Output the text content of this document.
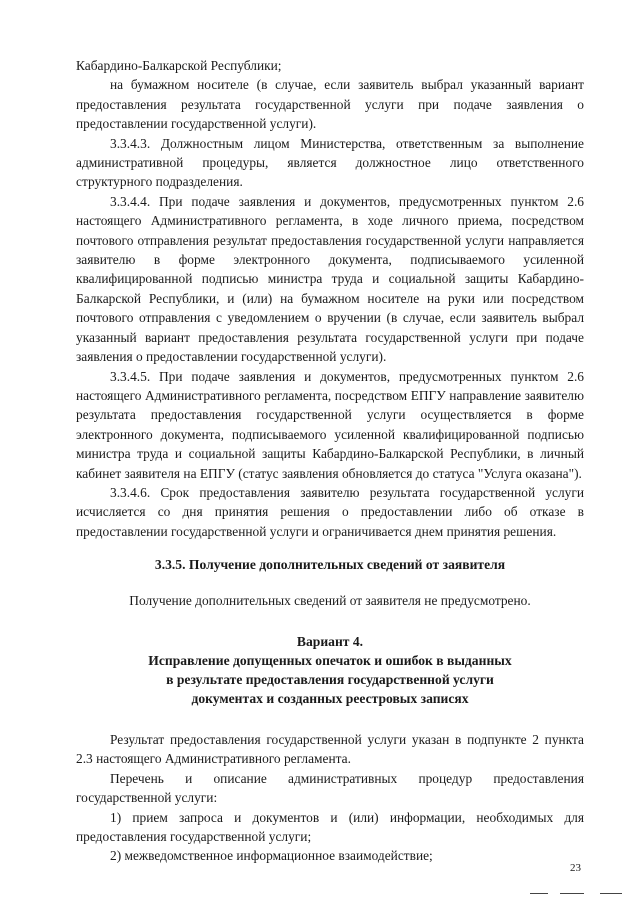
Кабардино-Балкарской Республики;

на бумажном носителе (в случае, если заявитель выбрал указанный вариант предоставления результата государственной услуги при подаче заявления о предоставлении государственной услуги).

3.3.4.3. Должностным лицом Министерства, ответственным за выполнение административной процедуры, является должностное лицо ответственного структурного подразделения.

3.3.4.4. При подаче заявления и документов, предусмотренных пунктом 2.6 настоящего Административного регламента, в ходе личного приема, посредством почтового отправления результат предоставления государственной услуги направляется заявителю в форме электронного документа, подписываемого усиленной квалифицированной подписью министра труда и социальной защиты Кабардино-Балкарской Республики, и (или) на бумажном носителе на руки или посредством почтового отправления с уведомлением о вручении (в случае, если заявитель выбрал указанный вариант предоставления результата государственной услуги при подаче заявления о предоставлении государственной услуги).

3.3.4.5. При подаче заявления и документов, предусмотренных пунктом 2.6 настоящего Административного регламента, посредством ЕПГУ направление заявителю результата предоставления государственной услуги осуществляется в форме электронного документа, подписываемого усиленной квалифицированной подписью министра труда и социальной защиты Кабардино-Балкарской Республики, в личный кабинет заявителя на ЕПГУ (статус заявления обновляется до статуса "Услуга оказана").

3.3.4.6. Срок предоставления заявителю результата государственной услуги исчисляется со дня принятия решения о предоставлении либо об отказе в предоставлении государственной услуги и ограничивается днем принятия решения.

3.3.5. Получение дополнительных сведений от заявителя
Получение дополнительных сведений от заявителя не предусмотрено.
Вариант 4.
Исправление допущенных опечаток и ошибок в выданных
в результате предоставления государственной услуги
документах и созданных реестровых записях

Результат предоставления государственной услуги указан в подпункте 2 пункта 2.3 настоящего Административного регламента.

Перечень и описание административных процедур предоставления государственной услуги:

1) прием запроса и документов и (или) информации, необходимых для предоставления государственной услуги;

2) межведомственное информационное взаимодействие;

23
